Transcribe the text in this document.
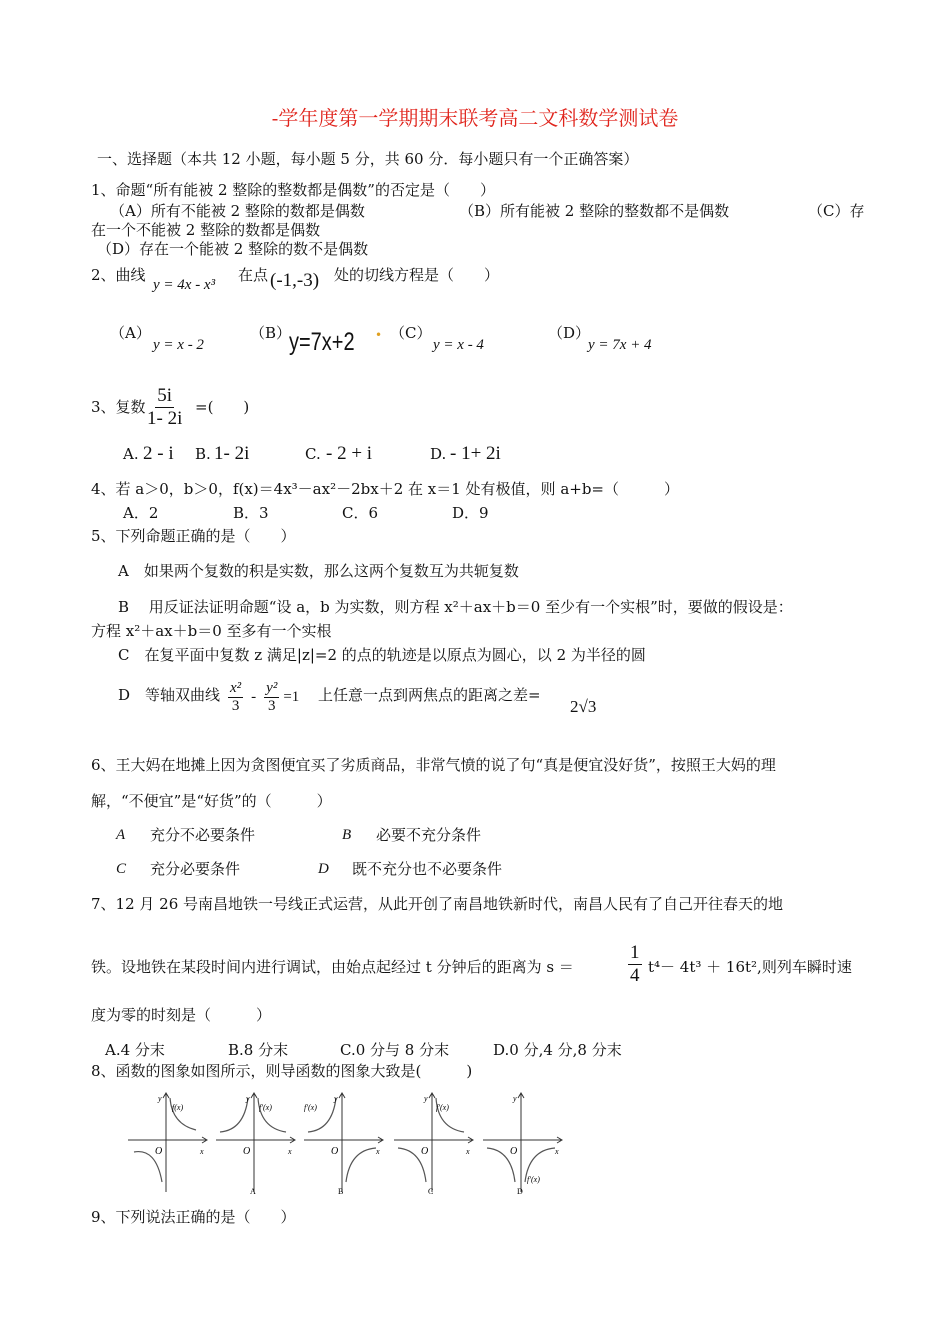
-学年度第一学期期末联考高二文科数学测试卷
一、选择题（本共 12 小题，每小题 5 分，共 60 分．每小题只有一个正确答案）
1、命题“所有能被 2 整除的整数都是偶数”的否定是（　　）
（A）所有不能被 2 整除的数都是偶数	（B）所有能被 2 整除的整数都不是偶数	（C）存
在一个不能被 2 整除的数都是偶数
（D）存在一个能被 2 整除的数不是偶数
2、曲线
y = 4x - x³
在点 (-1,-3) 处的切线方程是（　　）
（A）
y = x - 2
（B）
y=7x+2 • （C）
y = x - 4
（D）
y = 7x + 4
3、复数 $\frac{5i}{1- 2i}$ =(　　)
A. 2 - i B. 1- 2i	C. - 2 + i	D. - 1+ 2i
4、若 a＞0，b＞0，f(x)＝4x³－ax²－2bx＋2 在 x＝1 处有极值，则 a+b=（　　　）
A．2	B．3	C．6	D．9
5、下列命题正确的是（　　）
A　如果两个复数的积是实数，那么这两个复数互为共轭复数
B　 用反证法证明命题“设 a，b 为实数，则方程 x²＋ax＋b＝0 至少有一个实根”时，要做的假设是：
方程 x²＋ax＋b＝0 至多有一个实根
C　在复平面中复数 z 满足|z|=2 的点的轨迹是以原点为圆心，以 2 为半径的圆
D　等轴双曲线 $\frac{\text{x²}}{3} - \frac{\text{y²}}{3} =1$ 上任意一点到两焦点的距离之差=
2√3
6、王大妈在地摊上因为贪图便宜买了劣质商品，非常气愤的说了句“真是便宜没好货”，按照王大妈的理
解，“不便宜”是“好货”的（　　　）
A 充分不必要条件	B 必要不充分条件
C 充分必要条件	D 既不充分也不必要条件
7、12 月 26 号南昌地铁一号线正式运营，从此开创了南昌地铁新时代，南昌人民有了自己开往春天的地
铁。设地铁在某段时间内进行调试，由始点起经过 t 分钟后的距离为 s ＝	$\frac{1}{4} t^4- 4t^3 + 16t^2$,则列车瞬时速
度为零的时刻是（　　　）
A.4 分末	B.8 分末	C.0 分与 8 分末	D.0 分,4 分,8 分末
8、函数的图象如图所示，则导函数的图象大致是(　　　)
y
x
O
f(x)
y
x
O
f′(x)
A
y
x
O
f′(x)
B
y
x
O
f′(x)
C
y
x
O
f′(x)
D
9、下列说法正确的是（　　）
